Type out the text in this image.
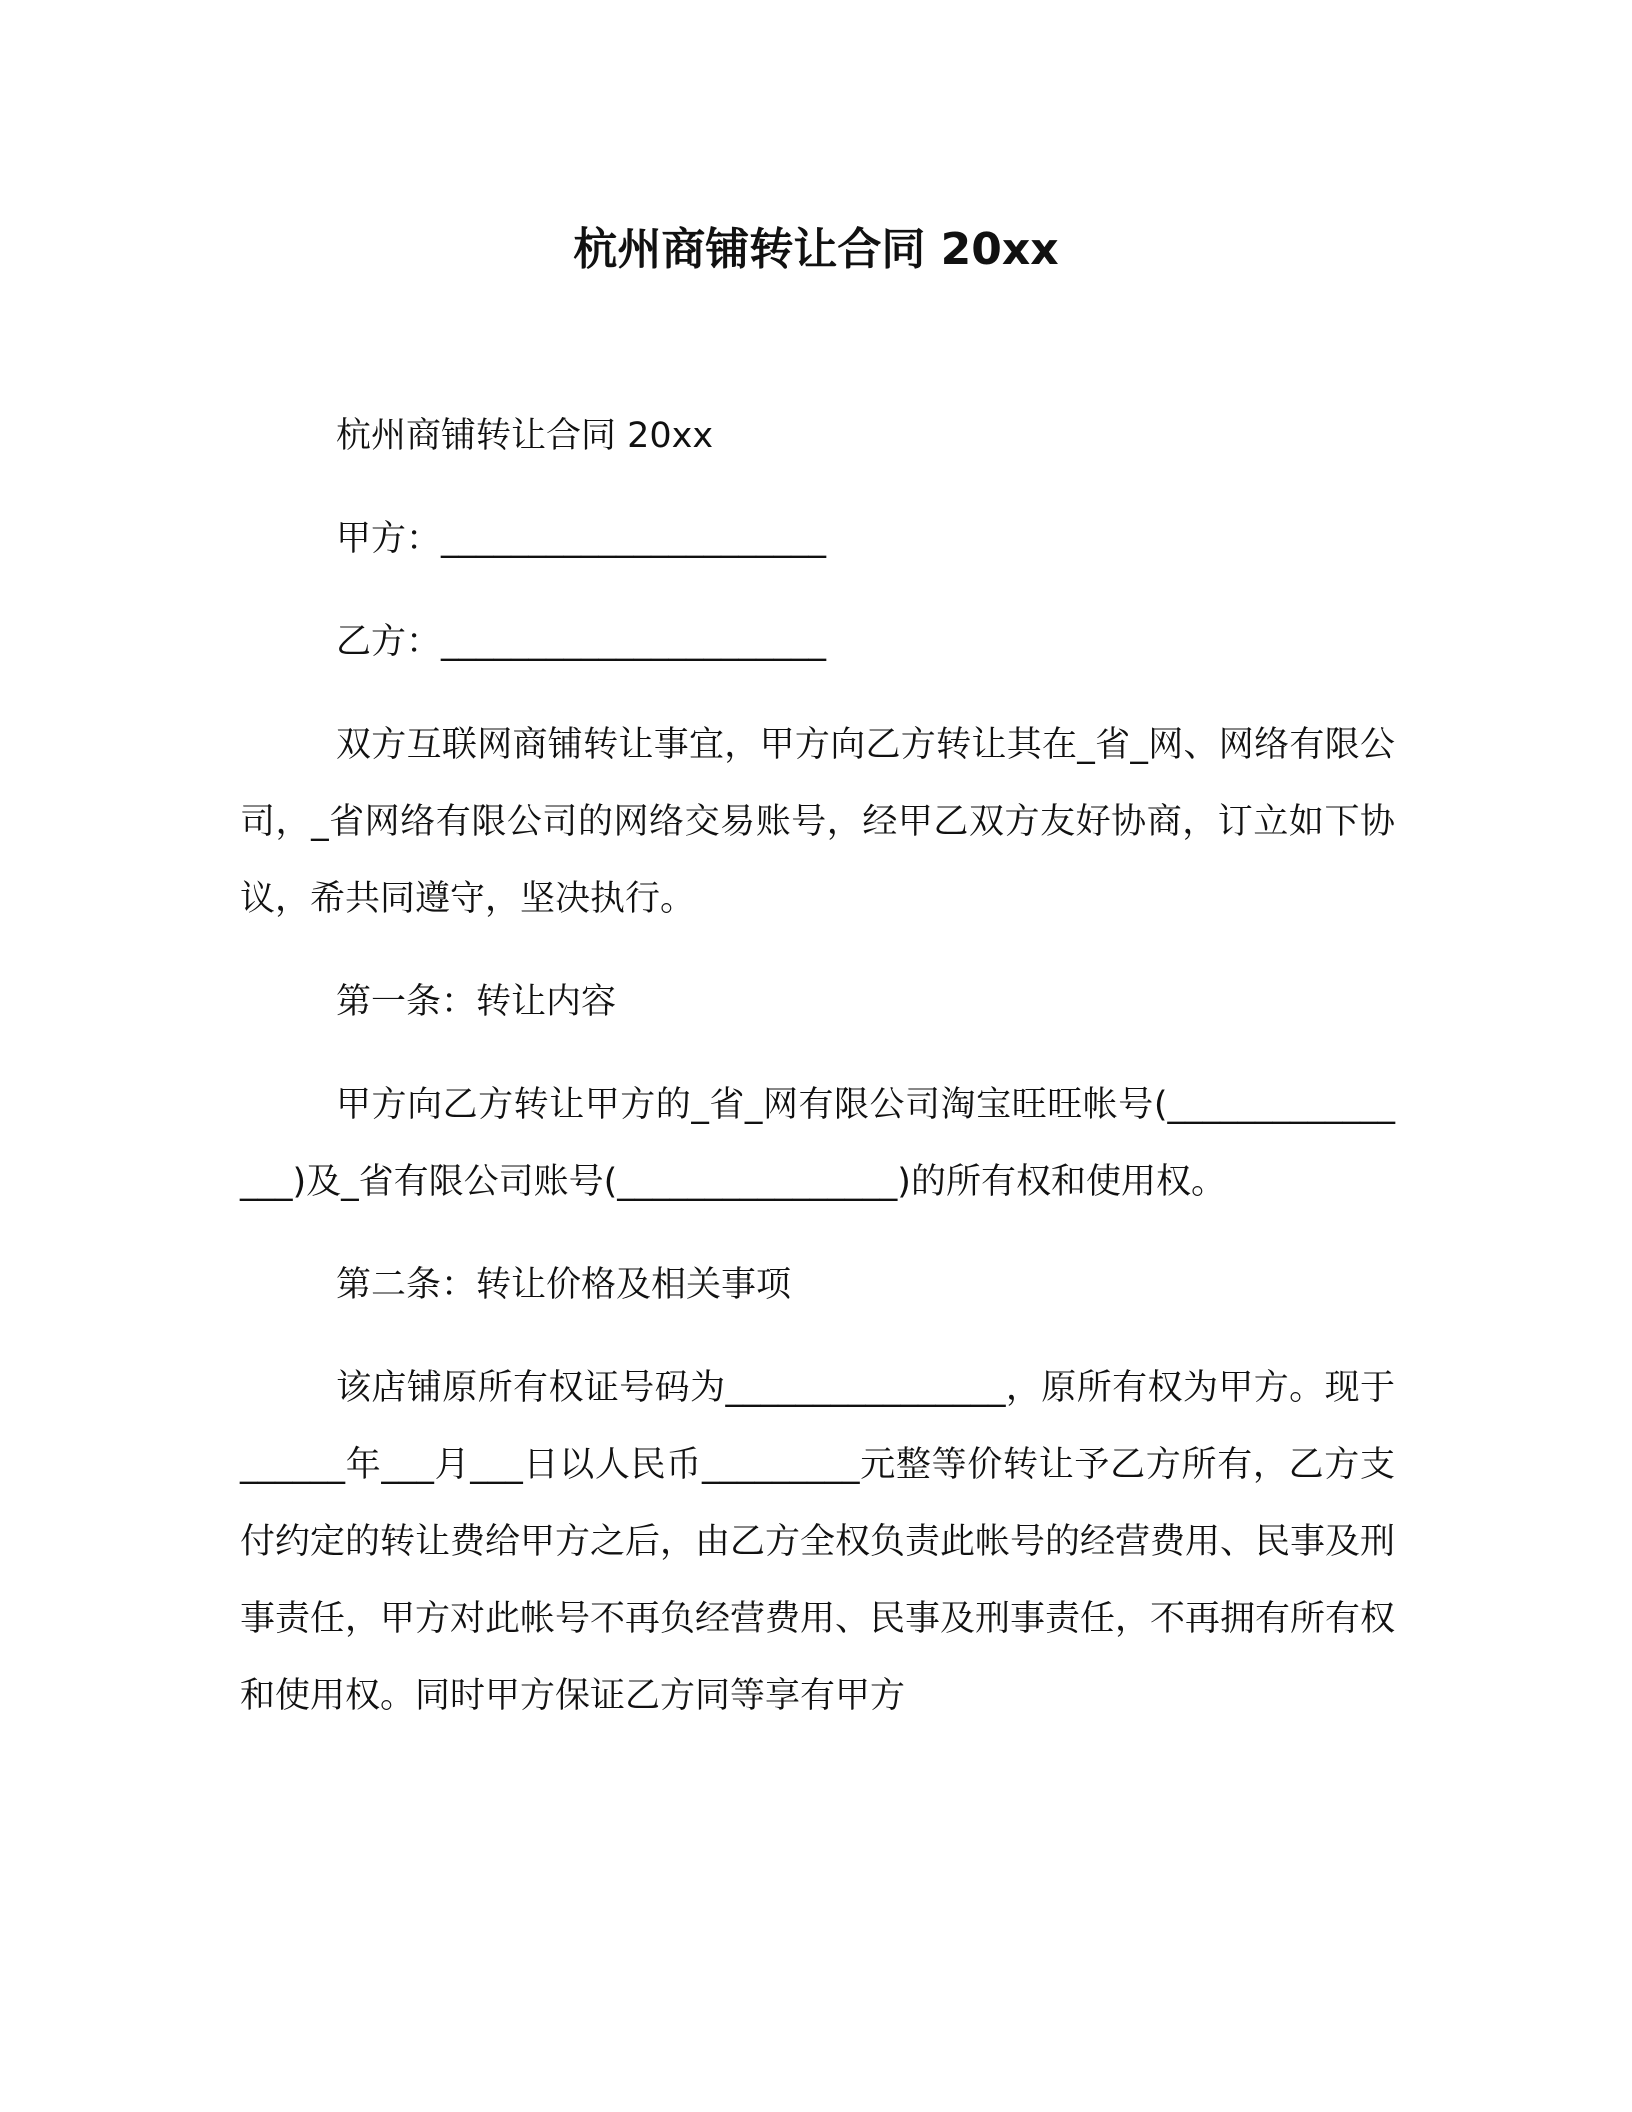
杭州商铺转让合同 20xx

杭州商铺转让合同 20xx

甲方：______________________

乙方：______________________

双方互联网商铺转让事宜，甲方向乙方转让其在_省_网、网络有限公司，_省网络有限公司的网络交易账号，经甲乙双方友好协商，订立如下协议，希共同遵守，坚决执行。

第一条：转让内容

甲方向乙方转让甲方的_省_网有限公司淘宝旺旺帐号(________________)及_省有限公司账号(________________)的所有权和使用权。

第二条：转让价格及相关事项

该店铺原所有权证号码为________________，原所有权为甲方。现于______年___月___日以人民币_________元整等价转让予乙方所有，乙方支付约定的转让费给甲方之后，由乙方全权负责此帐号的经营费用、民事及刑事责任，甲方对此帐号不再负经营费用、民事及刑事责任，不再拥有所有权和使用权。同时甲方保证乙方同等享有甲方
